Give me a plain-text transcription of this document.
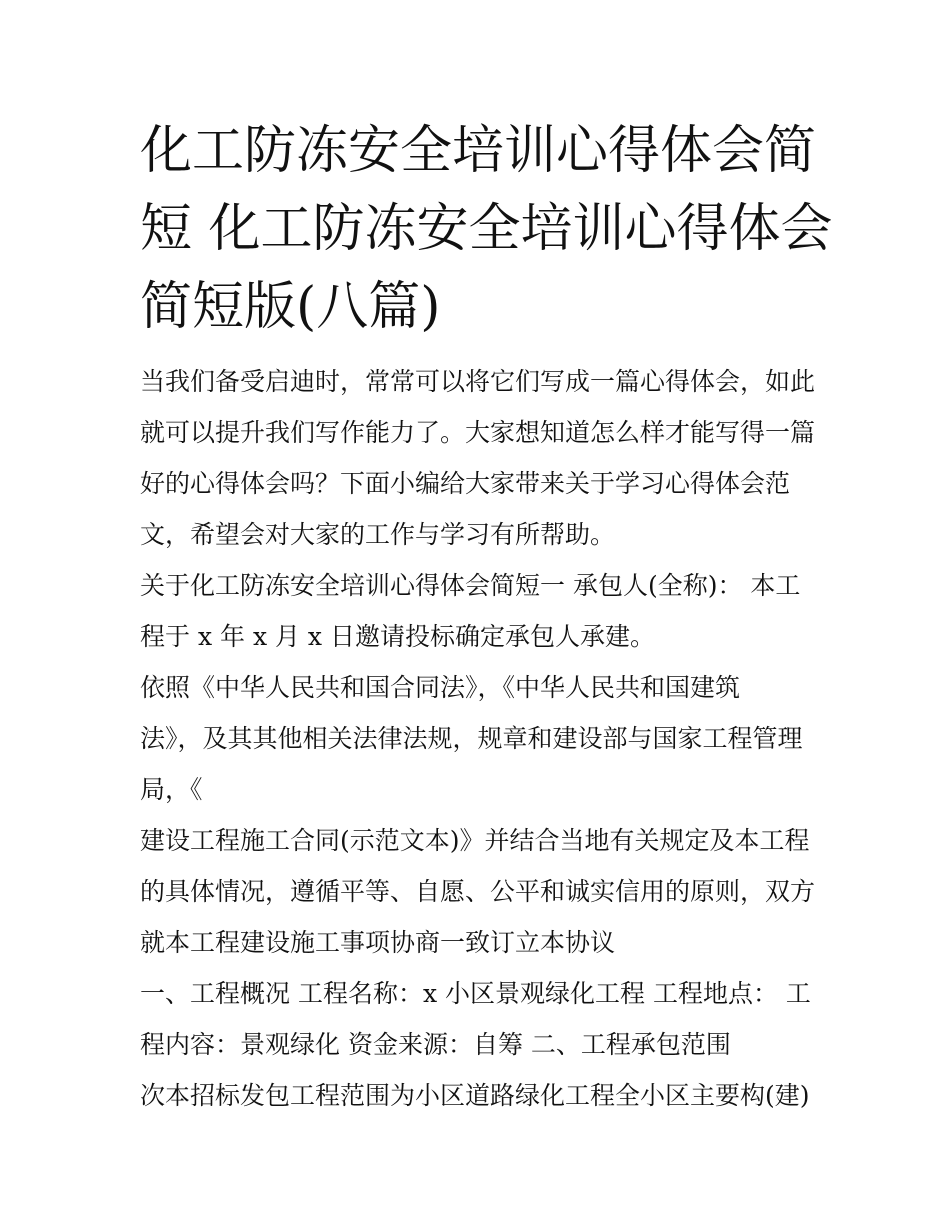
化工防冻安全培训心得体会简
短 化工防冻安全培训心得体会
简短版(八篇)
当我们备受启迪时，常常可以将它们写成一篇心得体会，如此
就可以提升我们写作能力了。大家想知道怎么样才能写得一篇
好的心得体会吗？下面小编给大家带来关于学习心得体会范
文，希望会对大家的工作与学习有所帮助。
关于化工防冻安全培训心得体会简短一 承包人(全称)： 本工
程于 x 年 x 月 x 日邀请投标确定承包人承建。
依照《中华人民共和国合同法》，《中华人民共和国建筑
法》，及其其他相关法律法规，规章和建设部与国家工程管理
局，《
建设工程施工合同(示范文本)》并结合当地有关规定及本工程
的具体情况，遵循平等、自愿、公平和诚实信用的原则，双方
就本工程建设施工事项协商一致订立本协议
一、工程概况 工程名称：x 小区景观绿化工程 工程地点： 工
程内容：景观绿化 资金来源：自筹 二、工程承包范围
次本招标发包工程范围为小区道路绿化工程全小区主要构(建)
